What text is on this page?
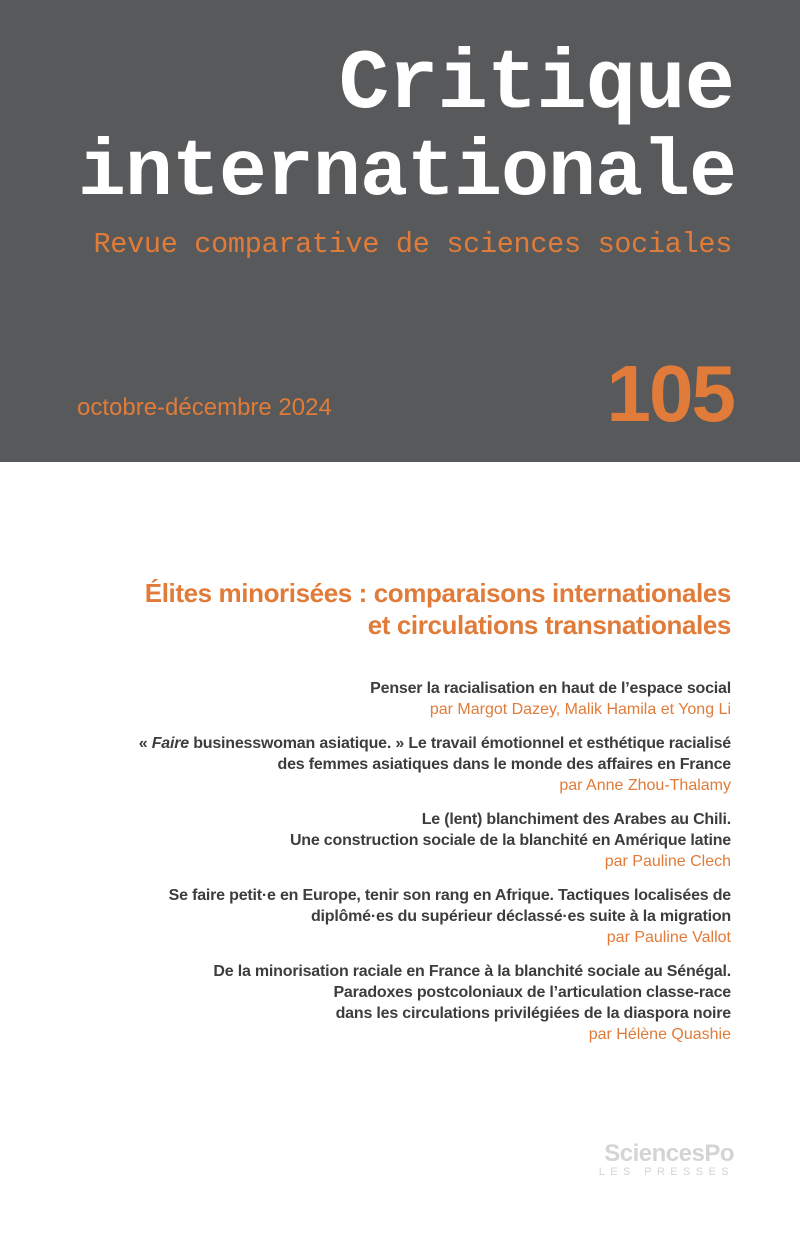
Critique
internationale
Revue comparative de sciences sociales
octobre-décembre 2024	105
Élites minorisées : comparaisons internationales
et circulations transnationales
Penser la racialisation en haut de l’espace social
par Margot Dazey, Malik Hamila et Yong Li
« Faire businesswoman asiatique. » Le travail émotionnel et esthétique racialisé
des femmes asiatiques dans le monde des affaires en France
par Anne Zhou-Thalamy
Le (lent) blanchiment des Arabes au Chili.
Une construction sociale de la blanchité en Amérique latine
par Pauline Clech
Se faire petit·e en Europe, tenir son rang en Afrique. Tactiques localisées de
diplômé·es du supérieur déclassé·es suite à la migration
par Pauline Vallot
De la minorisation raciale en France à la blanchité sociale au Sénégal.
Paradoxes postcoloniaux de l’articulation classe-race
dans les circulations privilégiées de la diaspora noire
par Hélène Quashie
SciencesPo
LES PRESSES
